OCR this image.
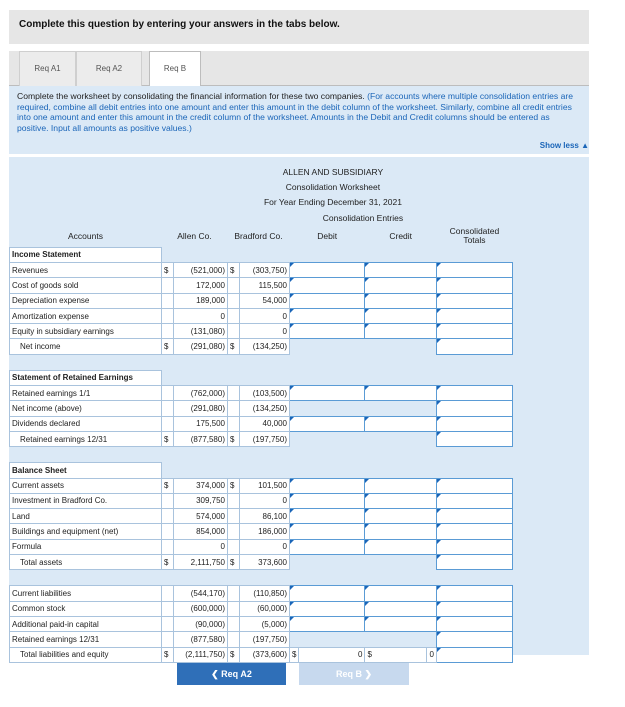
Complete this question by entering your answers in the tabs below.
Req A1	Req A2	Req B
Complete the worksheet by consolidating the financial information for these two companies. (For accounts where multiple consolidation entries are required, combine all debit entries into one amount and enter this amount in the debit column of the worksheet. Similarly, combine all credit entries into one amount and enter this amount in the credit column of the worksheet. Amounts in the Debit and Credit columns should be entered as positive. Input all amounts as positive values.)
Show less ▲

	ALLEN AND SUBSIDIARY									
	Consolidation Worksheet									
	For Year Ending December 31, 2021									
					Consolidation Entries					
Accounts	Allen Co.		Bradford Co.		Debit		Credit		Consolidated Totals	
Income Statement										
Revenues	$	(521,000)	$	(303,750)						
Cost of goods sold		172,000		115,500						
Depreciation expense		189,000		54,000						
Amortization expense		0		0						
Equity in subsidiary earnings		(131,080)		0						
Net income	$	(291,080)	$	(134,250)						

Statement of Retained Earnings										
Retained earnings 1/1		(762,000)		(103,500)						
Net income (above)		(291,080)		(134,250)						
Dividends declared		175,500		40,000						
Retained earnings 12/31	$	(877,580)	$	(197,750)						

Balance Sheet										
Current assets	$	374,000	$	101,500						
Investment in Bradford Co.		309,750		0						
Land		574,000		86,100						
Buildings and equipment (net)		854,000		186,000						
Formula		0		0						
Total assets	$	2,111,750	$	373,600						

Current liabilities		(544,170)		(110,850)						
Common stock		(600,000)		(60,000)						
Additional paid-in capital		(90,000)		(5,000)						
Retained earnings 12/31		(877,580)		(197,750)						
Total liabilities and equity	$	(2,111,750)	$	(373,600)	$	0	$	0		
❮ Req A2	Req B ❯
